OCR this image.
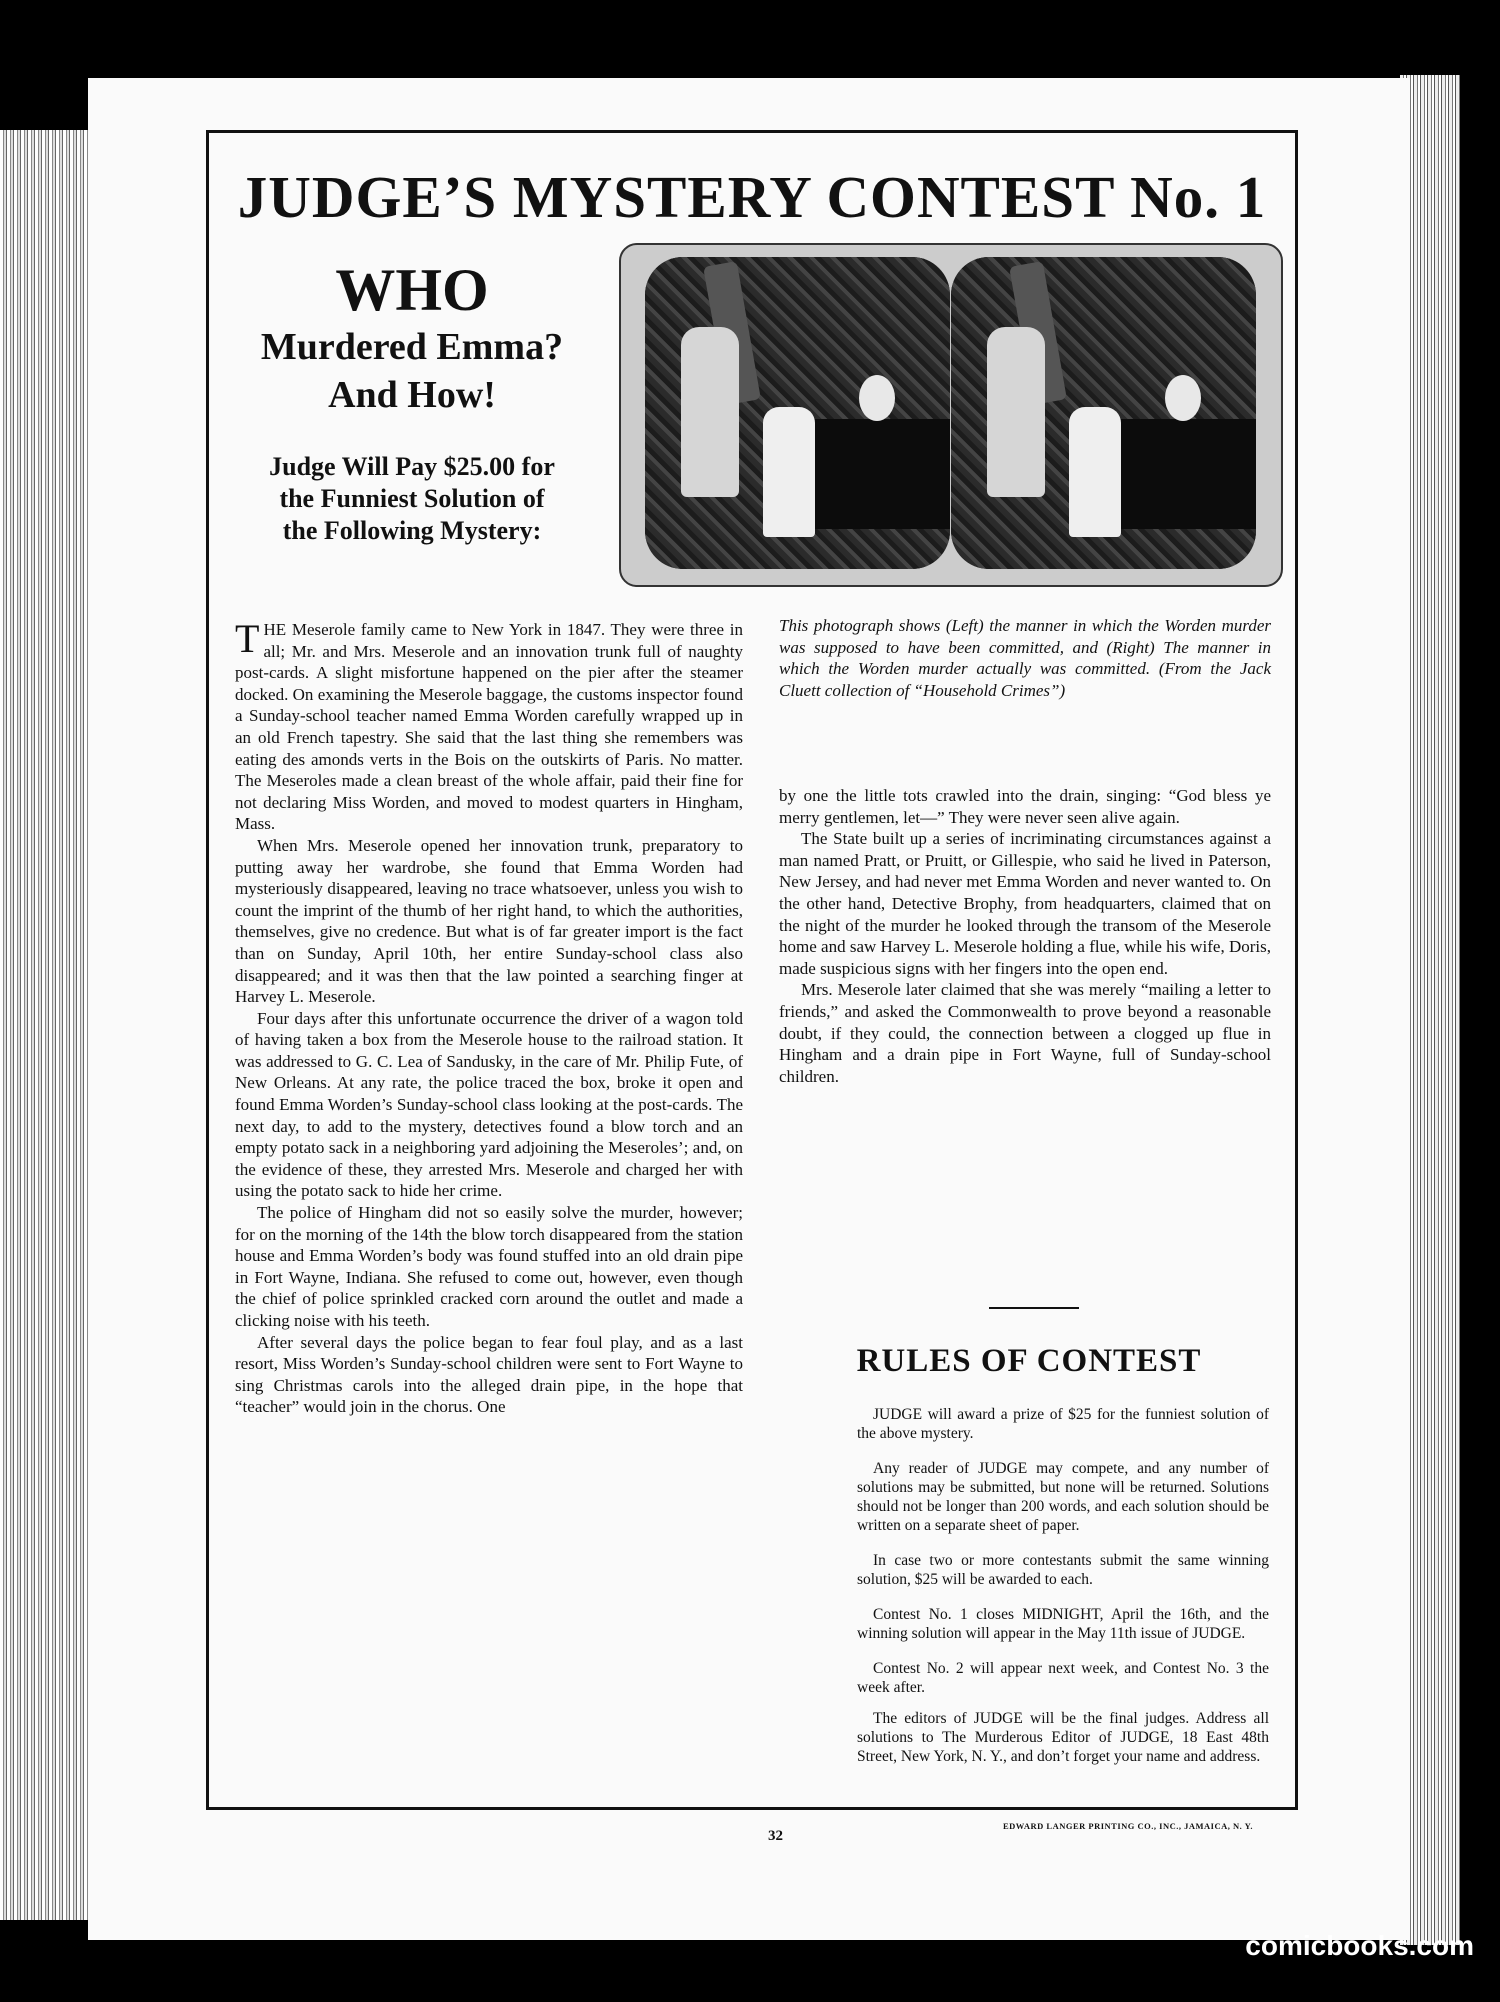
JUDGE’S MYSTERY CONTEST No. 1
WHO
Murdered Emma?
And How!
Judge Will Pay $25.00 for
the Funniest Solution of
the Following Mystery:

THE Meserole family came to New York in 1847. They were three in all; Mr. and Mrs. Meserole and an innovation trunk full of naughty post-cards. A slight misfortune happened on the pier after the steamer docked. On examining the Meserole baggage, the customs inspector found a Sunday-school teacher named Emma Worden carefully wrapped up in an old French tapestry. She said that the last thing she remembers was eating des amonds verts in the Bois on the outskirts of Paris. No matter. The Meseroles made a clean breast of the whole affair, paid their fine for not declaring Miss Worden, and moved to modest quarters in Hingham, Mass.

When Mrs. Meserole opened her innovation trunk, preparatory to putting away her wardrobe, she found that Emma Worden had mysteriously disappeared, leaving no trace whatsoever, unless you wish to count the imprint of the thumb of her right hand, to which the authorities, themselves, give no credence. But what is of far greater import is the fact than on Sunday, April 10th, her entire Sunday-school class also disappeared; and it was then that the law pointed a searching finger at Harvey L. Meserole.

Four days after this unfortunate occurrence the driver of a wagon told of having taken a box from the Meserole house to the railroad station. It was addressed to G. C. Lea of Sandusky, in the care of Mr. Philip Fute, of New Orleans. At any rate, the police traced the box, broke it open and found Emma Worden’s Sunday-school class looking at the post-cards. The next day, to add to the mystery, detectives found a blow torch and an empty potato sack in a neighboring yard adjoining the Meseroles’; and, on the evidence of these, they arrested Mrs. Meserole and charged her with using the potato sack to hide her crime.

The police of Hingham did not so easily solve the murder, however; for on the morning of the 14th the blow torch disappeared from the station house and Emma Worden’s body was found stuffed into an old drain pipe in Fort Wayne, Indiana. She refused to come out, however, even though the chief of police sprinkled cracked corn around the outlet and made a clicking noise with his teeth.

After several days the police began to fear foul play, and as a last resort, Miss Worden’s Sunday-school children were sent to Fort Wayne to sing Christmas carols into the alleged drain pipe, in the hope that “teacher” would join in the chorus. One

This photograph shows (Left) the manner in which the Worden murder was supposed to have been committed, and (Right) The manner in which the Worden murder actually was committed. (From the Jack Cluett collection of “Household Crimes”)

by one the little tots crawled into the drain, singing: “God bless ye merry gentlemen, let—” They were never seen alive again.

The State built up a series of incriminating circumstances against a man named Pratt, or Pruitt, or Gillespie, who said he lived in Paterson, New Jersey, and had never met Emma Worden and never wanted to. On the other hand, Detective Brophy, from headquarters, claimed that on the night of the murder he looked through the transom of the Meserole home and saw Harvey L. Meserole holding a flue, while his wife, Doris, made suspicious signs with her fingers into the open end.

Mrs. Meserole later claimed that she was merely “mailing a letter to friends,” and asked the Commonwealth to prove beyond a reasonable doubt, if they could, the connection between a clogged up flue in Hingham and a drain pipe in Fort Wayne, full of Sunday-school children.

RULES OF CONTEST

JUDGE will award a prize of $25 for the funniest solution of the above mystery.

Any reader of JUDGE may compete, and any number of solutions may be submitted, but none will be returned. Solutions should not be longer than 200 words, and each solution should be written on a separate sheet of paper.

In case two or more contestants submit the same winning solution, $25 will be awarded to each.

Contest No. 1 closes MIDNIGHT, April the 16th, and the winning solution will appear in the May 11th issue of JUDGE.

Contest No. 2 will appear next week, and Contest No. 3 the week after.

The editors of JUDGE will be the final judges. Address all solutions to The Murderous Editor of JUDGE, 18 East 48th Street, New York, N. Y., and don’t forget your name and address.

32
EDWARD LANGER PRINTING CO., INC., JAMAICA, N. Y.
comicbooks.com
